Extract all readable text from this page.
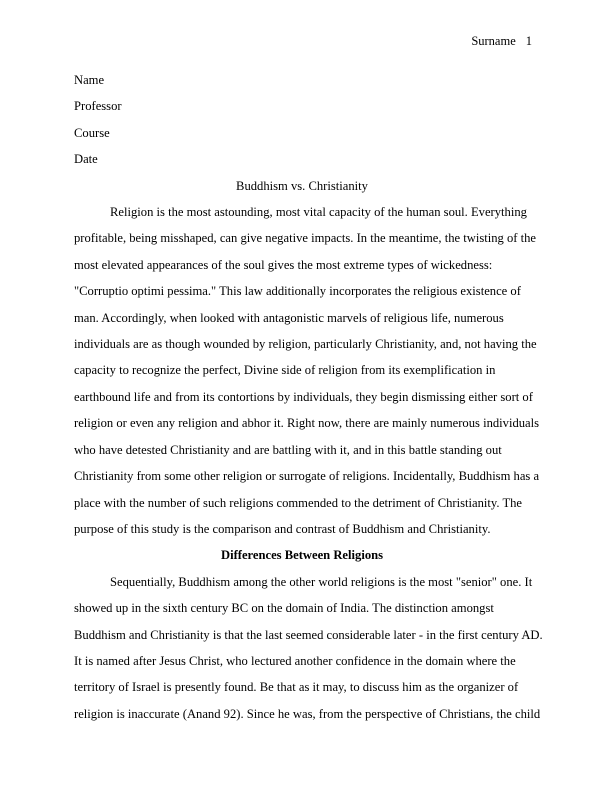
Surname 1

Name

Professor

Course

Date

Buddhism vs. Christianity

Religion is the most astounding, most vital capacity of the human soul. Everything
profitable, being misshaped, can give negative impacts. In the meantime, the twisting of the
most elevated appearances of the soul gives the most extreme types of wickedness:
"Corruptio optimi pessima." This law additionally incorporates the religious existence of
man. Accordingly, when looked with antagonistic marvels of religious life, numerous
individuals are as though wounded by religion, particularly Christianity, and, not having the
capacity to recognize the perfect, Divine side of religion from its exemplification in
earthbound life and from its contortions by individuals, they begin dismissing either sort of
religion or even any religion and abhor it. Right now, there are mainly numerous individuals
who have detested Christianity and are battling with it, and in this battle standing out
Christianity from some other religion or surrogate of religions. Incidentally, Buddhism has a
place with the number of such religions commended to the detriment of Christianity. The
purpose of this study is the comparison and contrast of Buddhism and Christianity.

Differences Between Religions

Sequentially, Buddhism among the other world religions is the most "senior" one. It
showed up in the sixth century BC on the domain of India. The distinction amongst
Buddhism and Christianity is that the last seemed considerable later - in the first century AD.
It is named after Jesus Christ, who lectured another confidence in the domain where the
territory of Israel is presently found. Be that as it may, to discuss him as the organizer of
religion is inaccurate (Anand 92). Since he was, from the perspective of Christians, the child
